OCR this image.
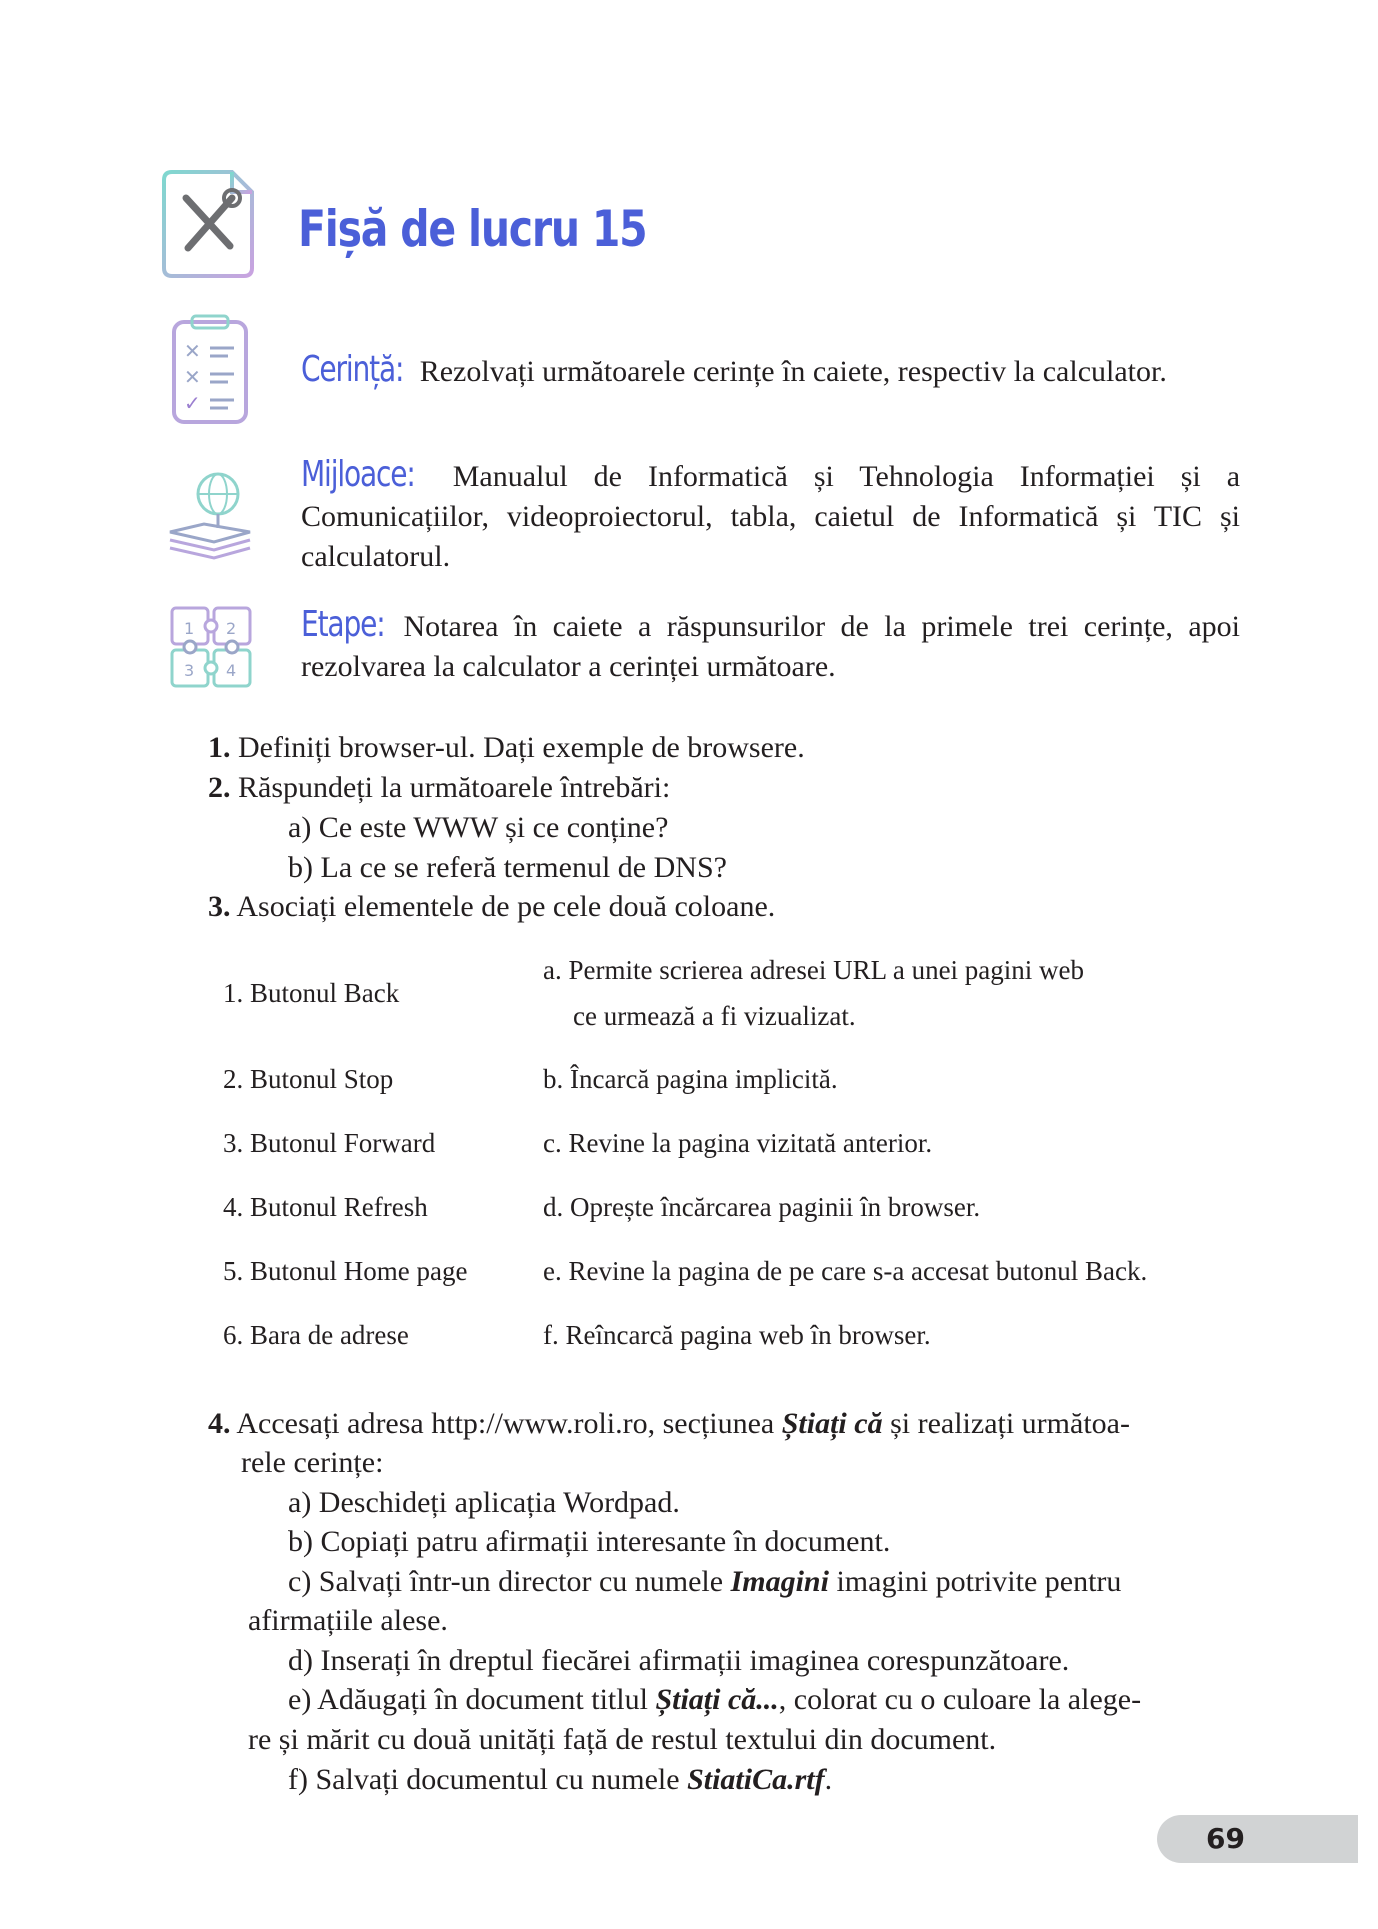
Fișă de lucru 15
✕
✕
✓
Cerință: Rezolvați următoarele cerințe în caiete, respectiv la calculator.
Mijloace: Manualul de Informatică și Tehnologia Informației și a Comunicațiilor, videoproiectorul, tabla, caietul de Informatică și TIC și calculatorul.
1 2
3 4
Etape: Notarea în caiete a răspunsurilor de la primele trei cerințe, apoi rezolvarea la calculator a cerinței următoare.
1. Definiți browser-ul. Dați exemple de browsere.
2. Răspundeți la următoarele întrebări:
a) Ce este WWW și ce conține?
b) La ce se referă termenul de DNS?
3. Asociați elementele de pe cele două coloane.
1. Butonul Back
2. Butonul Stop
3. Butonul Forward
4. Butonul Refresh
5. Butonul Home page
6. Bara de adrese
a. Permite scrierea adresei URL a unei pagini web
ce urmează a fi vizualizat.
b. Încarcă pagina implicită.
c. Revine la pagina vizitată anterior.
d. Oprește încărcarea paginii în browser.
e. Revine la pagina de pe care s-a accesat butonul Back.
f. Reîncarcă pagina web în browser.
4. Accesați adresa http://www.roli.ro, secțiunea Știați că și realizați următoa-
rele cerințe:
a) Deschideți aplicația Wordpad.
b) Copiați patru afirmații interesante în document.
c) Salvați într-un director cu numele Imagini imagini potrivite pentru
afirmațiile alese.
d) Inserați în dreptul fiecărei afirmații imaginea corespunzătoare.
e) Adăugați în document titlul Știați că..., colorat cu o culoare la alege-
re și mărit cu două unități față de restul textului din document.
f) Salvați documentul cu numele StiatiCa.rtf.
69
